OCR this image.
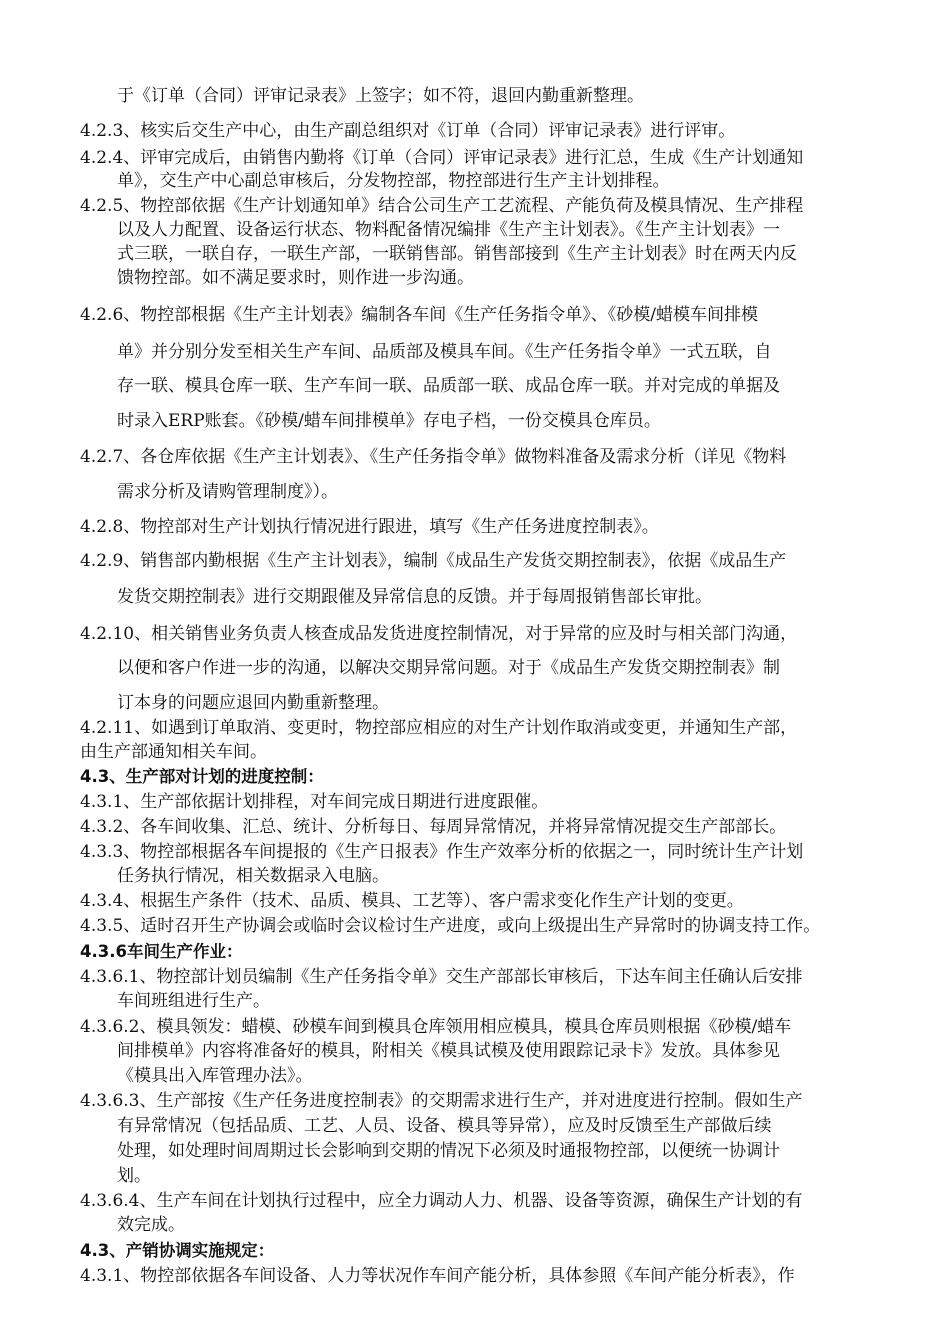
于《订单（合同）评审记录表》上签字；如不符，退回内勤重新整理。
4.2.3、核实后交生产中心，由生产副总组织对《订单（合同）评审记录表》进行评审。
4.2.4、评审完成后，由销售内勤将《订单（合同）评审记录表》进行汇总，生成《生产计划通知
单》，交生产中心副总审核后，分发物控部，物控部进行生产主计划排程。
4.2.5、物控部依据《生产计划通知单》结合公司生产工艺流程、产能负荷及模具情况、生产排程
以及人力配置、设备运行状态、物料配备情况编排《生产主计划表》。《生产主计划表》一
式三联，一联自存，一联生产部，一联销售部。销售部接到《生产主计划表》时在两天内反
馈物控部。如不满足要求时，则作进一步沟通。
4.2.6、物控部根据《生产主计划表》编制各车间《生产任务指令单》、《砂模/蜡模车间排模
单》并分别分发至相关生产车间、品质部及模具车间。《生产任务指令单》一式五联，自
存一联、模具仓库一联、生产车间一联、品质部一联、成品仓库一联。并对完成的单据及
时录入ERP账套。《砂模/蜡车间排模单》存电子档，一份交模具仓库员。
4.2.7、各仓库依据《生产主计划表》、《生产任务指令单》做物料准备及需求分析（详见《物料
需求分析及请购管理制度》）。
4.2.8、物控部对生产计划执行情况进行跟进，填写《生产任务进度控制表》。
4.2.9、销售部内勤根据《生产主计划表》，编制《成品生产发货交期控制表》，依据《成品生产
发货交期控制表》进行交期跟催及异常信息的反馈。并于每周报销售部长审批。
4.2.10、相关销售业务负责人核查成品发货进度控制情况，对于异常的应及时与相关部门沟通，
以便和客户作进一步的沟通，以解决交期异常问题。对于《成品生产发货交期控制表》制
订本身的问题应退回内勤重新整理。
4.2.11、如遇到订单取消、变更时，物控部应相应的对生产计划作取消或变更，并通知生产部，
由生产部通知相关车间。
4.3、生产部对计划的进度控制：
4.3.1、生产部依据计划排程，对车间完成日期进行进度跟催。
4.3.2、各车间收集、汇总、统计、分析每日、每周异常情况，并将异常情况提交生产部部长。
4.3.3、物控部根据各车间提报的《生产日报表》作生产效率分析的依据之一，同时统计生产计划
任务执行情况，相关数据录入电脑。
4.3.4、根据生产条件（技术、品质、模具、工艺等）、客户需求变化作生产计划的变更。
4.3.5、适时召开生产协调会或临时会议检讨生产进度，或向上级提出生产异常时的协调支持工作。
4.3.6车间生产作业：
4.3.6.1、物控部计划员编制《生产任务指令单》交生产部部长审核后，下达车间主任确认后安排
车间班组进行生产。
4.3.6.2、模具领发：蜡模、砂模车间到模具仓库领用相应模具，模具仓库员则根据《砂模/蜡车
间排模单》内容将准备好的模具，附相关《模具试模及使用跟踪记录卡》发放。具体参见
《模具出入库管理办法》。
4.3.6.3、生产部按《生产任务进度控制表》的交期需求进行生产，并对进度进行控制。假如生产
有异常情况（包括品质、工艺、人员、设备、模具等异常），应及时反馈至生产部做后续
处理，如处理时间周期过长会影响到交期的情况下必须及时通报物控部，以便统一协调计
划。
4.3.6.4、生产车间在计划执行过程中，应全力调动人力、机器、设备等资源，确保生产计划的有
效完成。
4.3、产销协调实施规定：
4.3.1、物控部依据各车间设备、人力等状况作车间产能分析，具体参照《车间产能分析表》，作
